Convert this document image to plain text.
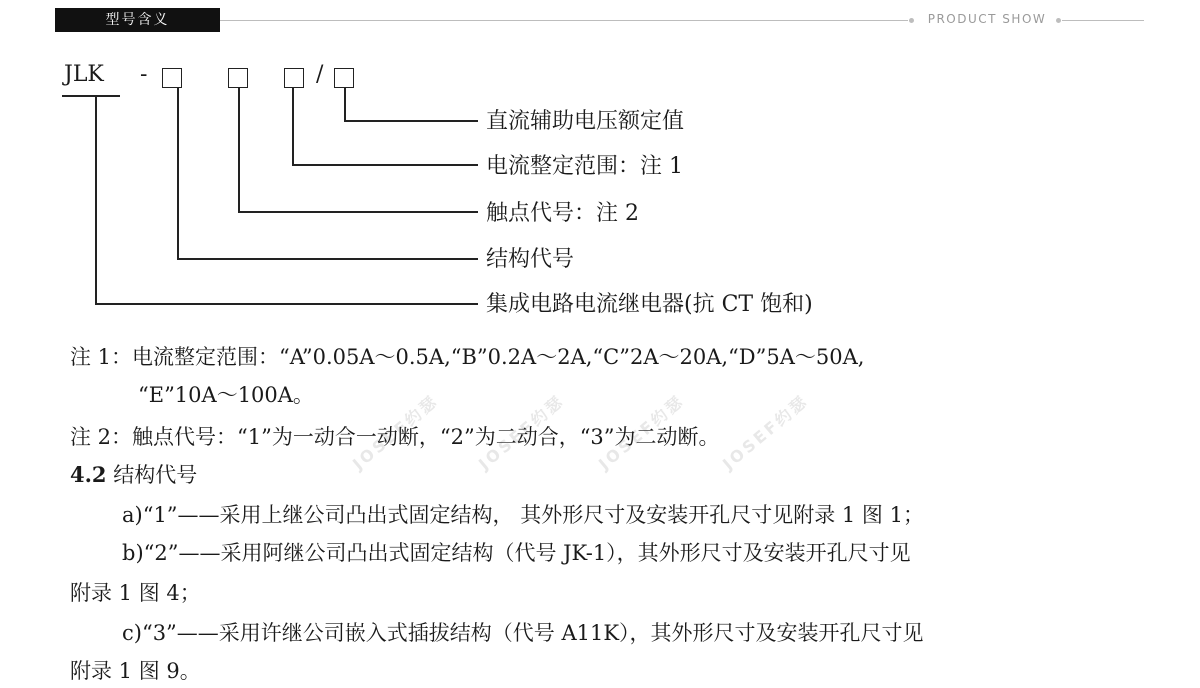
型号含义	PRODUCT SHOW
JLK -	/
直流辅助电压额定值
电流整定范围：注 1
触点代号：注 2
结构代号
集成电路电流继电器(抗 CT 饱和)
JOSEF约瑟 JOSEF约瑟 JOSEF约瑟 JOSEF约瑟
注 1：电流整定范围：“A”0.05A～0.5A,“B”0.2A～2A,“C”2A～20A,“D”5A～50A,
“E”10A～100A。
注 2：触点代号：“1”为一动合一动断，“2”为二动合，“3”为二动断。
4.2 结构代号
a)“1”——采用上继公司凸出式固定结构， 其外形尺寸及安装开孔尺寸见附录 1 图 1；
b)“2”——采用阿继公司凸出式固定结构（代号 JK-1），其外形尺寸及安装开孔尺寸见
附录 1 图 4；
c)“3”——采用许继公司嵌入式插拔结构（代号 A11K），其外形尺寸及安装开孔尺寸见
附录 1 图 9。
